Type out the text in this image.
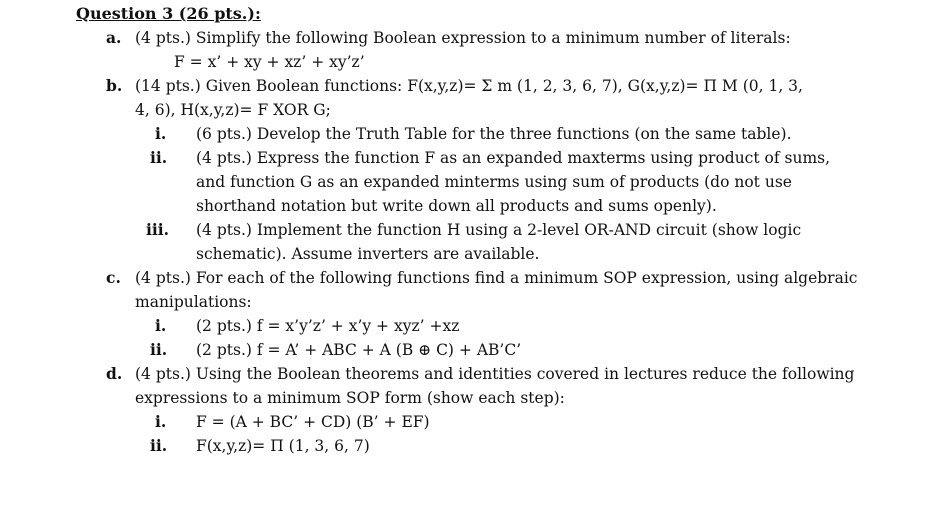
Question 3 (26 pts.):
a. (4 pts.) Simplify the following Boolean expression to a minimum number of literals:
F = x’ + xy + xz’ + xy’z’
b. (14 pts.) Given Boolean functions: F(x,y,z)= Σ m (1, 2, 3, 6, 7), G(x,y,z)= Π M (0, 1, 3,
4, 6), H(x,y,z)= F XOR G;
i. (6 pts.) Develop the Truth Table for the three functions (on the same table).
ii. (4 pts.) Express the function F as an expanded maxterms using product of sums,
and function G as an expanded minterms using sum of products (do not use
shorthand notation but write down all products and sums openly).
iii. (4 pts.) Implement the function H using a 2-level OR-AND circuit (show logic
schematic). Assume inverters are available.
c. (4 pts.) For each of the following functions find a minimum SOP expression, using algebraic
manipulations:
i. (2 pts.) f = x’y’z’ + x’y + xyz’ +xz
ii. (2 pts.) f = A’ + ABC + A (B ⊕ C) + AB’C’
d. (4 pts.) Using the Boolean theorems and identities covered in lectures reduce the following
expressions to a minimum SOP form (show each step):
i. F = (A + BC’ + CD) (B’ + EF)
ii. F(x,y,z)= Π (1, 3, 6, 7)
